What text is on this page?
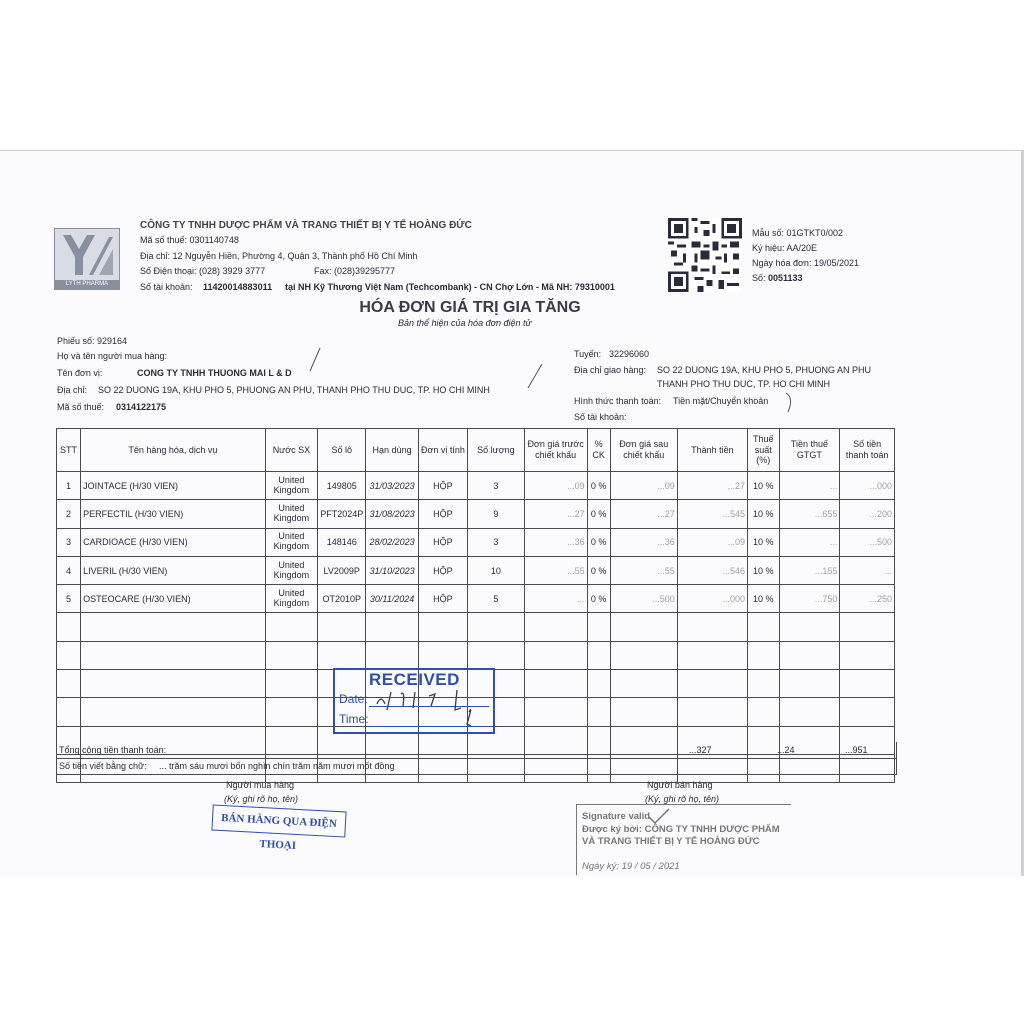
LYTH PHARMA
CÔNG TY TNHH DƯỢC PHẨM VÀ TRANG THIẾT BỊ Y TẾ HOÀNG ĐỨC
Mã số thuế: 0301140748
Địa chỉ: 12 Nguyễn Hiền, Phường 4, Quận 3, Thành phố Hồ Chí Minh
Số Điện thoại: (028) 3929 3777	Fax: (028)39295777
Số tài khoản: 11420014883011 tại NH Kỹ Thương Việt Nam (Techcombank) - CN Chợ Lớn - Mã NH: 79310001
Mẫu số: 01GTKT0/002
Ký hiệu: AA/20E
Ngày hóa đơn: 19/05/2021
Số: 0051133
HÓA ĐƠN GIÁ TRỊ GIA TĂNG
Bản thể hiện của hóa đơn điện tử
Phiếu số: 929164
Họ và tên người mua hàng:
Tên đơn vị:	CONG TY TNHH THUONG MAI L & D
Địa chỉ: SO 22 DUONG 19A, KHU PHO 5, PHUONG AN PHU, THANH PHO THU DUC, TP. HO CHI MINH
Mã số thuế: 0314122175
Tuyến: 32296060
Địa chỉ giao hàng: SO 22 DUONG 19A, KHU PHO 5, PHUONG AN PHU
THANH PHO THU DUC, TP. HO CHI MINH
Hình thức thanh toán: Tiền mặt/Chuyển khoản
Số tài khoản:
STT	Tên hàng hóa, dịch vụ	Nước SX	Số lô	Hạn dùng	Đơn vị tính	Số lượng	Đơn giá trước chiết khấu	% CK	Đơn giá sau chiết khấu	Thành tiền	Thuế suất (%)	Tiền thuế GTGT	Số tiền thanh toán
1	JOINTACE (H/30 VIEN)	United Kingdom	149805	31/03/2023	HỘP	3	...09	0 %	...09	...27	10 %	...	...000
2	PERFECTIL (H/30 VIEN)	United Kingdom	PFT2024P	31/08/2023	HỘP	9	...27	0 %	...27	...545	10 %	...655	...200
3	CARDIOACE (H/30 VIEN)	United Kingdom	148146	28/02/2023	HỘP	3	...36	0 %	...36	...09	10 %	...	...500
4	LIVERIL (H/30 VIEN)	United Kingdom	LV2009P	31/10/2023	HỘP	10	...55	0 %	...55	...546	10 %	...155	...
5	OSTEOCARE (H/30 VIEN)	United Kingdom	OT2010P	30/11/2024	HỘP	5	...	0 %	...500	...000	10 %	...750	...250

Tổng cộng tiền thanh toán:	...327	...24	...951
Số tiền viết bằng chữ: ... trăm sáu mươi bốn nghìn chín trăm năm mươi mốt đồng
RECEIVED
Date:
Time:
Người mua hàng
(Ký, ghi rõ họ, tên)
BÁN HÀNG QUA ĐIỆN THOẠI
Người bán hàng
(Ký, ghi rõ họ, tên)
Signature valid
Được ký bởi: CÔNG TY TNHH DƯỢC PHẨM VÀ TRANG THIẾT BỊ Y TẾ HOÀNG ĐỨC
Ngày ký: 19 / 05 / 2021
